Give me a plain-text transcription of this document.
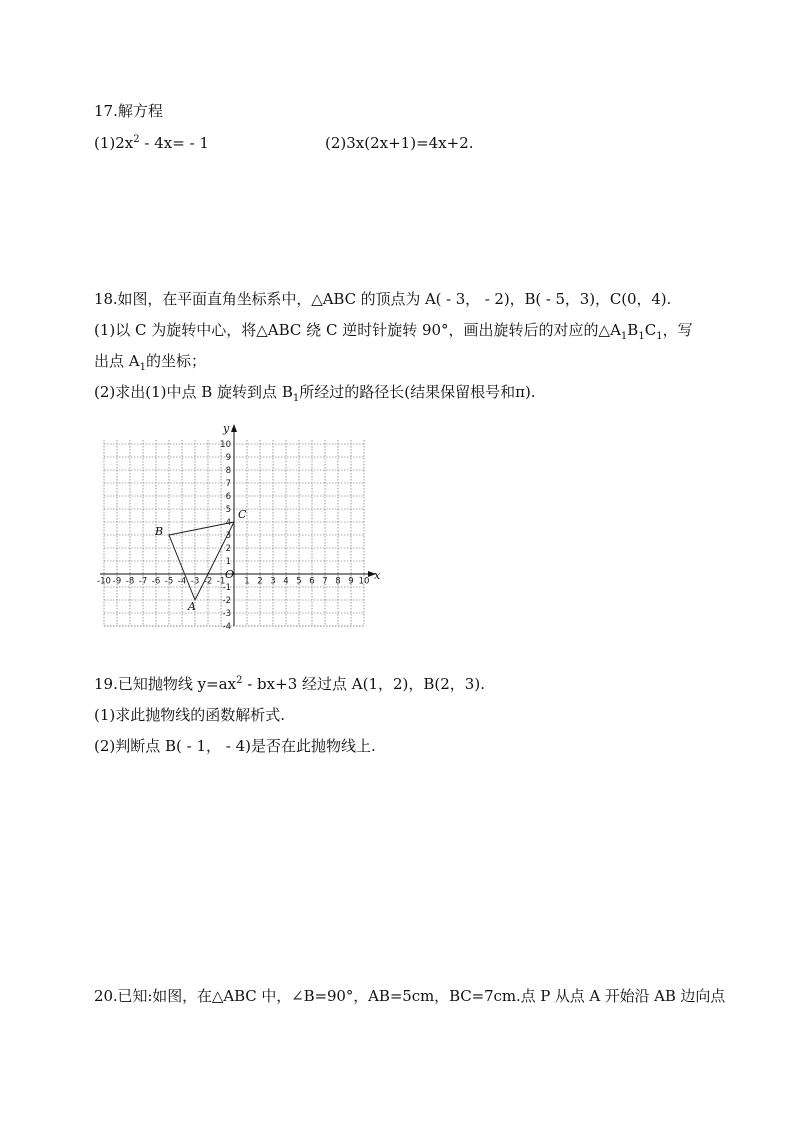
17.解方程
$(1)2x^2 - 4x= - 1$	(2)3x(2x+1)=4x+2.
18.如图，在平面直角坐标系中，△ABC 的顶点为 A( - 3， - 2)，B( - 5，3)，C(0，4).
(1)以 C 为旋转中心，将△ABC 绕 C 逆时针旋转 90°，画出旋转后的对应的$\triangle A_1B_1C_1$，写
出点 $A_1$的坐标；
(2)求出(1)中点 B 旋转到点 $B_1$所经过的路径长(结果保留根号和π).
-10 -9 -8 -7 -6 -5 -4 -3 -2 -1 1 2 3 4 5 6 7 8 9 10
10
9
8
7
6
5
4
3
2
1
-1
-2
-3
-4
x
y
O
A
B
C
19.已知抛物线 $y=ax^2 - bx+3$ 经过点 A(1，2)，B(2，3).
(1)求此抛物线的函数解析式.
(2)判断点 B( - 1， - 4)是否在此抛物线上.
20.已知:如图，在△ABC 中，∠B=90°，AB=5cm，BC=7cm.点 P 从点 A 开始沿 AB 边向点
